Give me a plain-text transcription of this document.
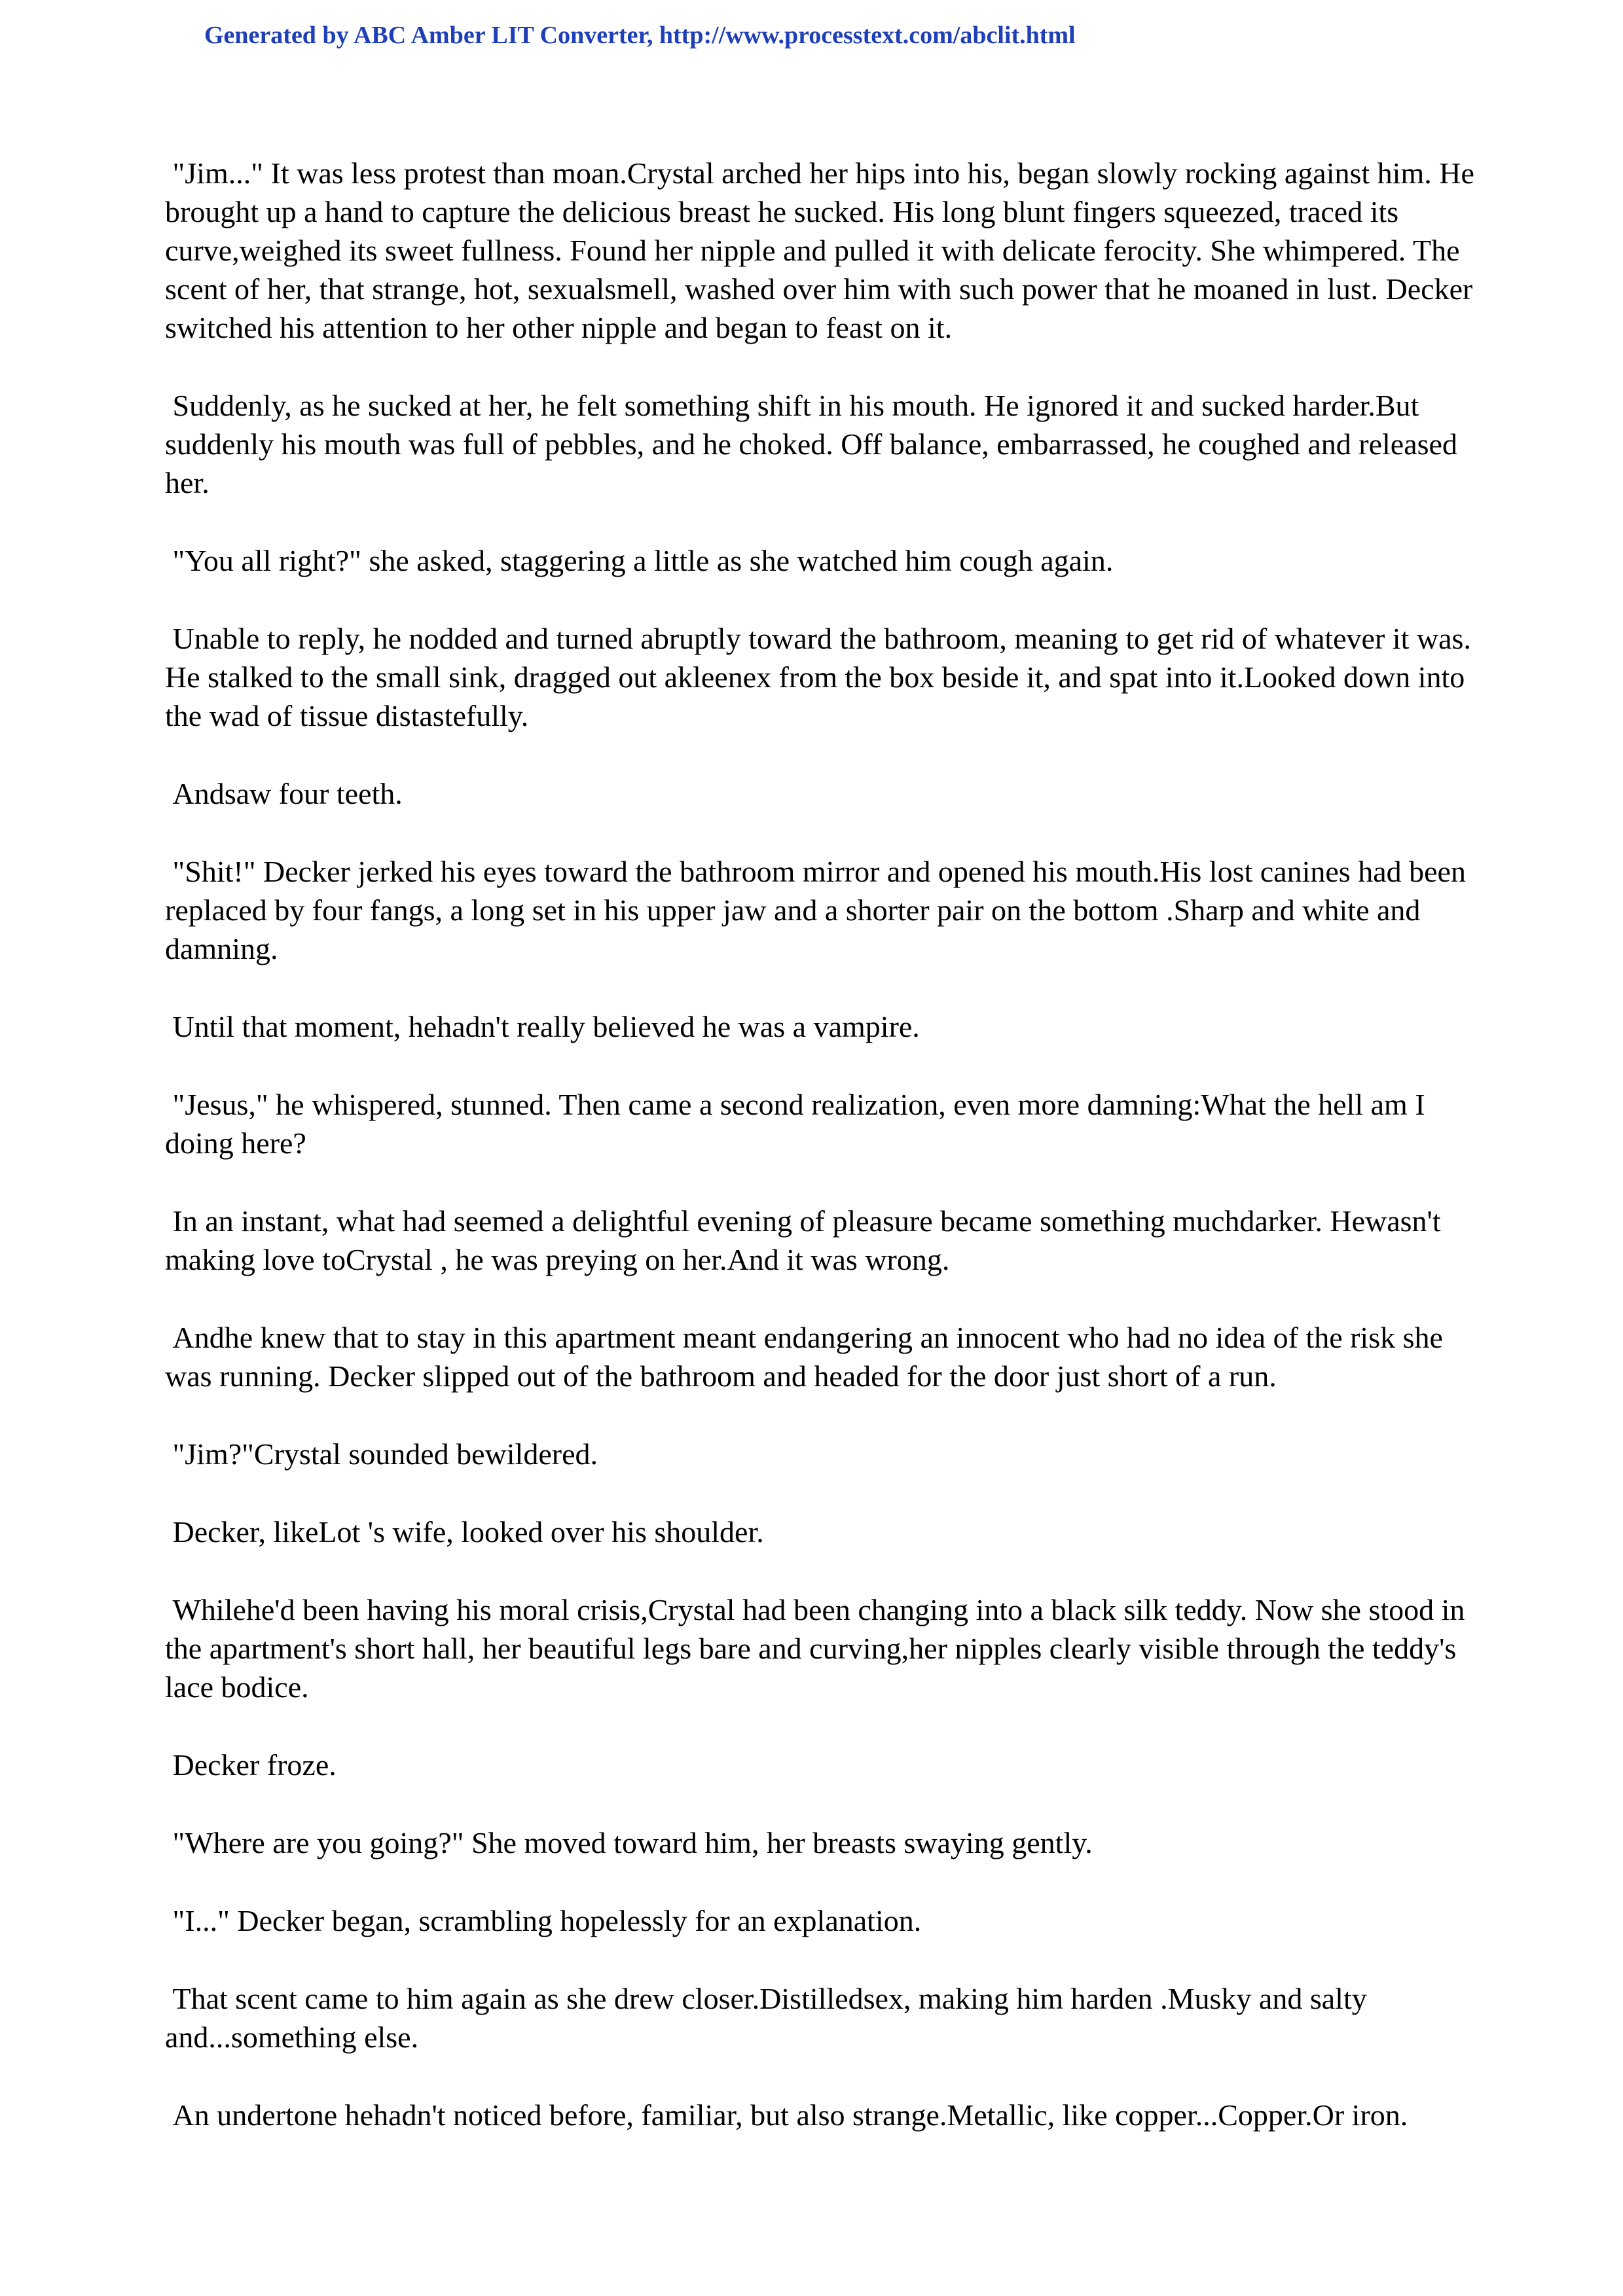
Generated by ABC Amber LIT Converter, http://www.processtext.com/abclit.html

"Jim..." It was less protest than moan.Crystal arched her hips into his, began slowly rocking against him. He brought up a hand to capture the delicious breast he sucked. His long blunt fingers squeezed, traced its curve,weighed its sweet fullness. Found her nipple and pulled it with delicate ferocity. She whimpered. The scent of her, that strange, hot, sexualsmell, washed over him with such power that he moaned in lust. Decker switched his attention to her other nipple and began to feast on it.

Suddenly, as he sucked at her, he felt something shift in his mouth. He ignored it and sucked harder.But suddenly his mouth was full of pebbles, and he choked. Off balance, embarrassed, he coughed and released her.

"You all right?" she asked, staggering a little as she watched him cough again.

Unable to reply, he nodded and turned abruptly toward the bathroom, meaning to get rid of whatever it was. He stalked to the small sink, dragged out akleenex from the box beside it, and spat into it.Looked down into the wad of tissue distastefully.

Andsaw four teeth.

"Shit!" Decker jerked his eyes toward the bathroom mirror and opened his mouth.His lost canines had been replaced by four fangs, a long set in his upper jaw and a shorter pair on the bottom .Sharp and white and damning.

Until that moment, hehadn't really believed he was a vampire.

"Jesus," he whispered, stunned. Then came a second realization, even more damning:What the hell am I doing here?

In an instant, what had seemed a delightful evening of pleasure became something muchdarker. Hewasn't making love toCrystal , he was preying on her.And it was wrong.

Andhe knew that to stay in this apartment meant endangering an innocent who had no idea of the risk she was running. Decker slipped out of the bathroom and headed for the door just short of a run.

"Jim?"Crystal sounded bewildered.

Decker, likeLot 's wife, looked over his shoulder.

Whilehe'd been having his moral crisis,Crystal had been changing into a black silk teddy. Now she stood in the apartment's short hall, her beautiful legs bare and curving,her nipples clearly visible through the teddy's lace bodice.

Decker froze.

"Where are you going?" She moved toward him, her breasts swaying gently.

"I..." Decker began, scrambling hopelessly for an explanation.

That scent came to him again as she drew closer.Distilledsex, making him harden .Musky and salty and...something else.

An undertone hehadn't noticed before, familiar, but also strange.Metallic, like copper...Copper.Or iron.
